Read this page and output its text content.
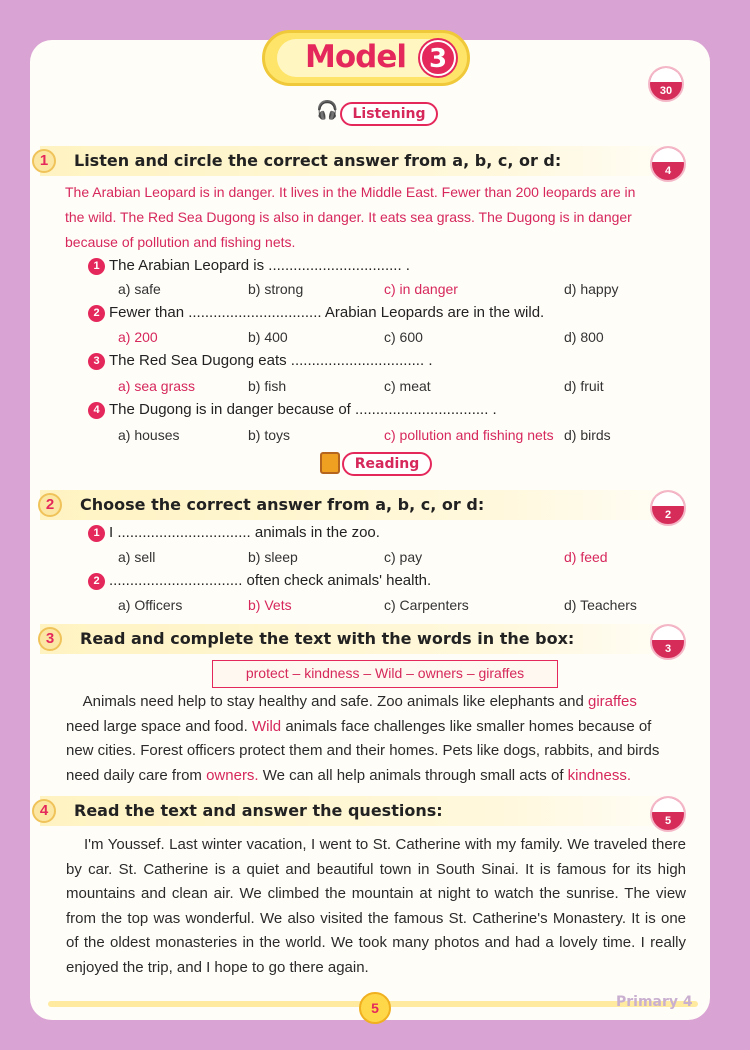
Model 3
30
🎧	Listening
1	Listen and circle the correct answer from a, b, c, or d:
4
The Arabian Leopard is in danger. It lives in the Middle East. Fewer than 200 leopards are in
the wild. The Red Sea Dugong is also in danger. It eats sea grass. The Dugong is in danger
because of pollution and fishing nets.
1 The Arabian Leopard is ................................ .
a) safe	b) strong	c) in danger	d) happy
2 Fewer than ................................ Arabian Leopards are in the wild.
a) 200	b) 400	c) 600	d) 800
3 The Red Sea Dugong eats ................................ .
a) sea grass	b) fish	c) meat	d) fruit
4 The Dugong is in danger because of ................................ .
a) houses	b) toys	c) pollution and fishing nets d) birds
Reading
2	Choose the correct answer from a, b, c, or d:
2
1 I ................................ animals in the zoo.
a) sell	b) sleep	c) pay	d) feed
2 ................................ often check animals' health.
a) Officers	b) Vets	c) Carpenters	d) Teachers
3	Read and complete the text with the words in the box:
3
protect – kindness – Wild – owners – giraffes
Animals need help to stay healthy and safe. Zoo animals like elephants and giraffes
need large space and food. Wild animals face challenges like smaller homes because of
new cities. Forest officers protect them and their homes. Pets like dogs, rabbits, and birds
need daily care from owners. We can all help animals through small acts of kindness.
4	Read the text and answer the questions:
5
I'm Youssef. Last winter vacation, I went to St. Catherine with my family. We traveled there by car. St. Catherine is a quiet and beautiful town in South Sinai. It is famous for its high mountains and clean air. We climbed the mountain at night to watch the sunrise. The view from the top was wonderful. We also visited the famous St. Catherine's Monastery. It is one of the oldest monasteries in the world. We took many photos and had a lovely time. I really enjoyed the trip, and I hope to go there again.
5	Primary 4
